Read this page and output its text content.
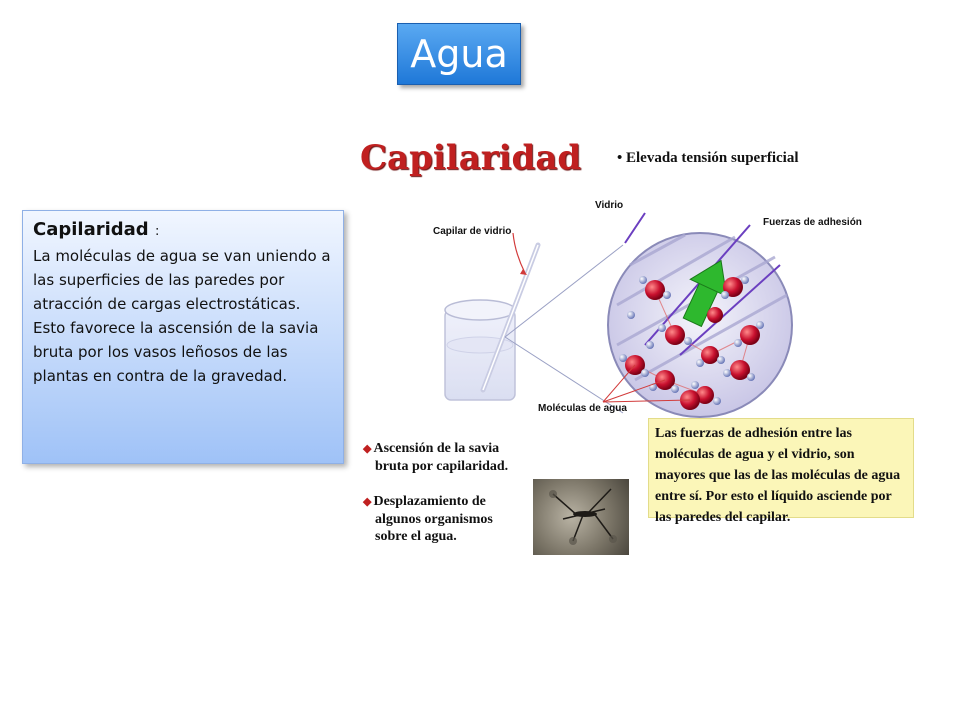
Agua
Capilaridad :
La moléculas de agua se van uniendo a las superficies de las paredes por atracción de cargas electrostáticas.
Esto favorece la ascensión de la savia bruta por los vasos leñosos de las plantas en contra de la gravedad.
Capilaridad • Elevada tensión superficial
Vidrio
Capilar de vidrio
Fuerzas de adhesión
Moléculas de agua
Las fuerzas de adhesión entre las moléculas de agua y el vidrio, son mayores que las de las moléculas de agua entre sí. Por esto el líquido asciende por las paredes del capilar.
◆ Ascensión de la savia
bruta por capilaridad.
◆ Desplazamiento de
algunos organismos
sobre el agua.
